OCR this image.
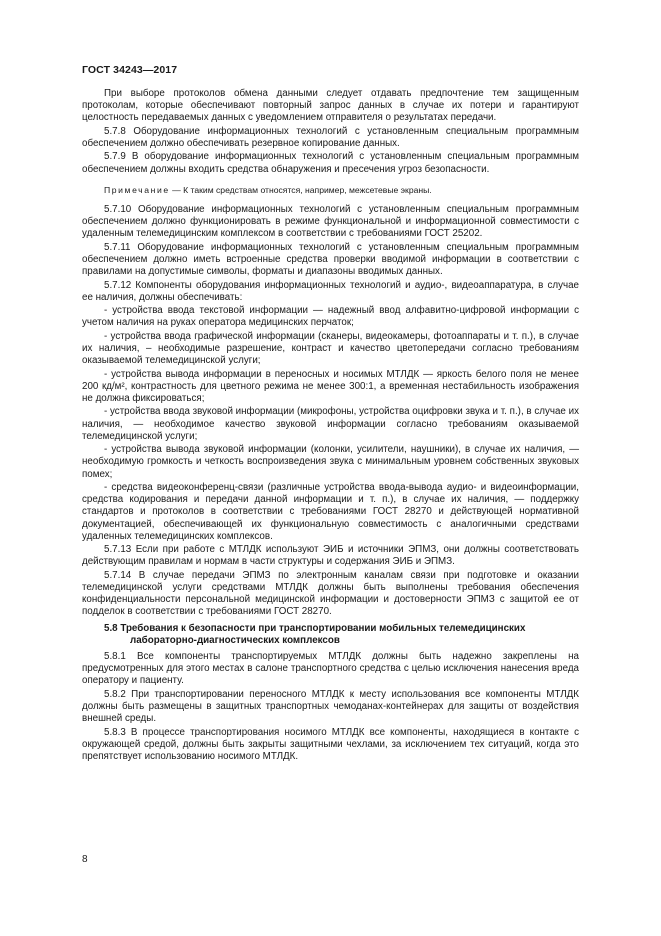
ГОСТ 34243—2017

При выборе протоколов обмена данными следует отдавать предпочтение тем защищенным протоколам, которые обеспечивают повторный запрос данных в случае их потери и гарантируют целостность передаваемых данных с уведомлением отправителя о результатах передачи.

5.7.8 Оборудование информационных технологий с установленным специальным программным обеспечением должно обеспечивать резервное копирование данных.

5.7.9 В оборудование информационных технологий с установленным специальным программным обеспечением должны входить средства обнаружения и пресечения угроз безопасности.

Примечание — К таким средствам относятся, например, межсетевые экраны.

5.7.10 Оборудование информационных технологий с установленным специальным программным обеспечением должно функционировать в режиме функциональной и информационной совместимости с удаленным телемедицинским комплексом в соответствии с требованиями ГОСТ 25202.

5.7.11 Оборудование информационных технологий с установленным специальным программным обеспечением должно иметь встроенные средства проверки вводимой информации в соответствии с правилами на допустимые символы, форматы и диапазоны вводимых данных.

5.7.12 Компоненты оборудования информационных технологий и аудио-, видеоаппаратура, в случае ее наличия, должны обеспечивать:

- устройства ввода текстовой информации — надежный ввод алфавитно-цифровой информации с учетом наличия на руках оператора медицинских перчаток;

- устройства ввода графической информации (сканеры, видеокамеры, фотоаппараты и т. п.), в случае их наличия, – необходимые разрешение, контраст и качество цветопередачи согласно требованиям оказываемой телемедицинской услуги;

- устройства вывода информации в переносных и носимых МТЛДК — яркость белого поля не менее 200 кд/м², контрастность для цветного режима не менее 300:1, а временная нестабильность изображения не должна фиксироваться;

- устройства ввода звуковой информации (микрофоны, устройства оцифровки звука и т. п.), в случае их наличия, — необходимое качество звуковой информации согласно требованиям оказываемой телемедицинской услуги;

- устройства вывода звуковой информации (колонки, усилители, наушники), в случае их наличия, — необходимую громкость и четкость воспроизведения звука с минимальным уровнем собственных звуковых помех;

- средства видеоконференц-связи (различные устройства ввода-вывода аудио- и видеоинформации, средства кодирования и передачи данной информации и т. п.), в случае их наличия, — поддержку стандартов и протоколов в соответствии с требованиями ГОСТ 28270 и действующей нормативной документацией, обеспечивающей их функциональную совместимость с аналогичными средствами удаленных телемедицинских комплексов.

5.7.13 Если при работе с МТЛДК используют ЭИБ и источники ЭПМЗ, они должны соответствовать действующим правилам и нормам в части структуры и содержания ЭИБ и ЭПМЗ.

5.7.14 В случае передачи ЭПМЗ по электронным каналам связи при подготовке и оказании телемедицинской услуги средствами МТЛДК должны быть выполнены требования обеспечения конфиденциальности персональной медицинской информации и достоверности ЭПМЗ с защитой ее от подделок в соответствии с требованиями ГОСТ 28270.

5.8 Требования к безопасности при транспортировании мобильных телемедицинских
лабораторно-диагностических комплексов

5.8.1 Все компоненты транспортируемых МТЛДК должны быть надежно закреплены на предусмотренных для этого местах в салоне транспортного средства с целью исключения нанесения вреда оператору и пациенту.

5.8.2 При транспортировании переносного МТЛДК к месту использования все компоненты МТЛДК должны быть размещены в защитных транспортных чемоданах-контейнерах для защиты от воздействия внешней среды.

5.8.3 В процессе транспортирования носимого МТЛДК все компоненты, находящиеся в контакте с окружающей средой, должны быть закрыты защитными чехлами, за исключением тех ситуаций, когда это препятствует использованию носимого МТЛДК.

8
